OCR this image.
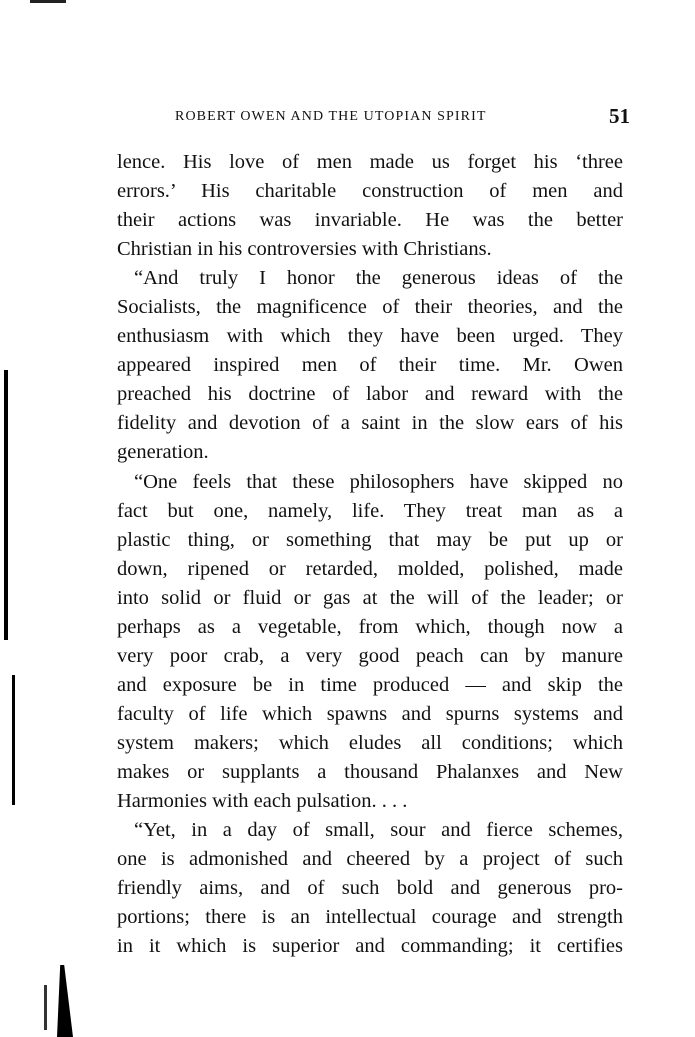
ROBERT OWEN AND THE UTOPIAN SPIRIT	51
lence. His love of men made us forget his ‘three
errors.’ His charitable construction of men and
their actions was invariable. He was the better
Christian in his controversies with Christians.
“And truly I honor the generous ideas of the
Socialists, the magnificence of their theories, and the
enthusiasm with which they have been urged. They
appeared inspired men of their time. Mr. Owen
preached his doctrine of labor and reward with the
fidelity and devotion of a saint in the slow ears of his
generation.
“One feels that these philosophers have skipped no
fact but one, namely, life. They treat man as a
plastic thing, or something that may be put up or
down, ripened or retarded, molded, polished, made
into solid or fluid or gas at the will of the leader; or
perhaps as a vegetable, from which, though now a
very poor crab, a very good peach can by manure
and exposure be in time produced — and skip the
faculty of life which spawns and spurns systems and
system makers; which eludes all conditions; which
makes or supplants a thousand Phalanxes and New
Harmonies with each pulsation. . . .
“Yet, in a day of small, sour and fierce schemes,
one is admonished and cheered by a project of such
friendly aims, and of such bold and generous pro-
portions; there is an intellectual courage and strength
in it which is superior and commanding; it certifies
